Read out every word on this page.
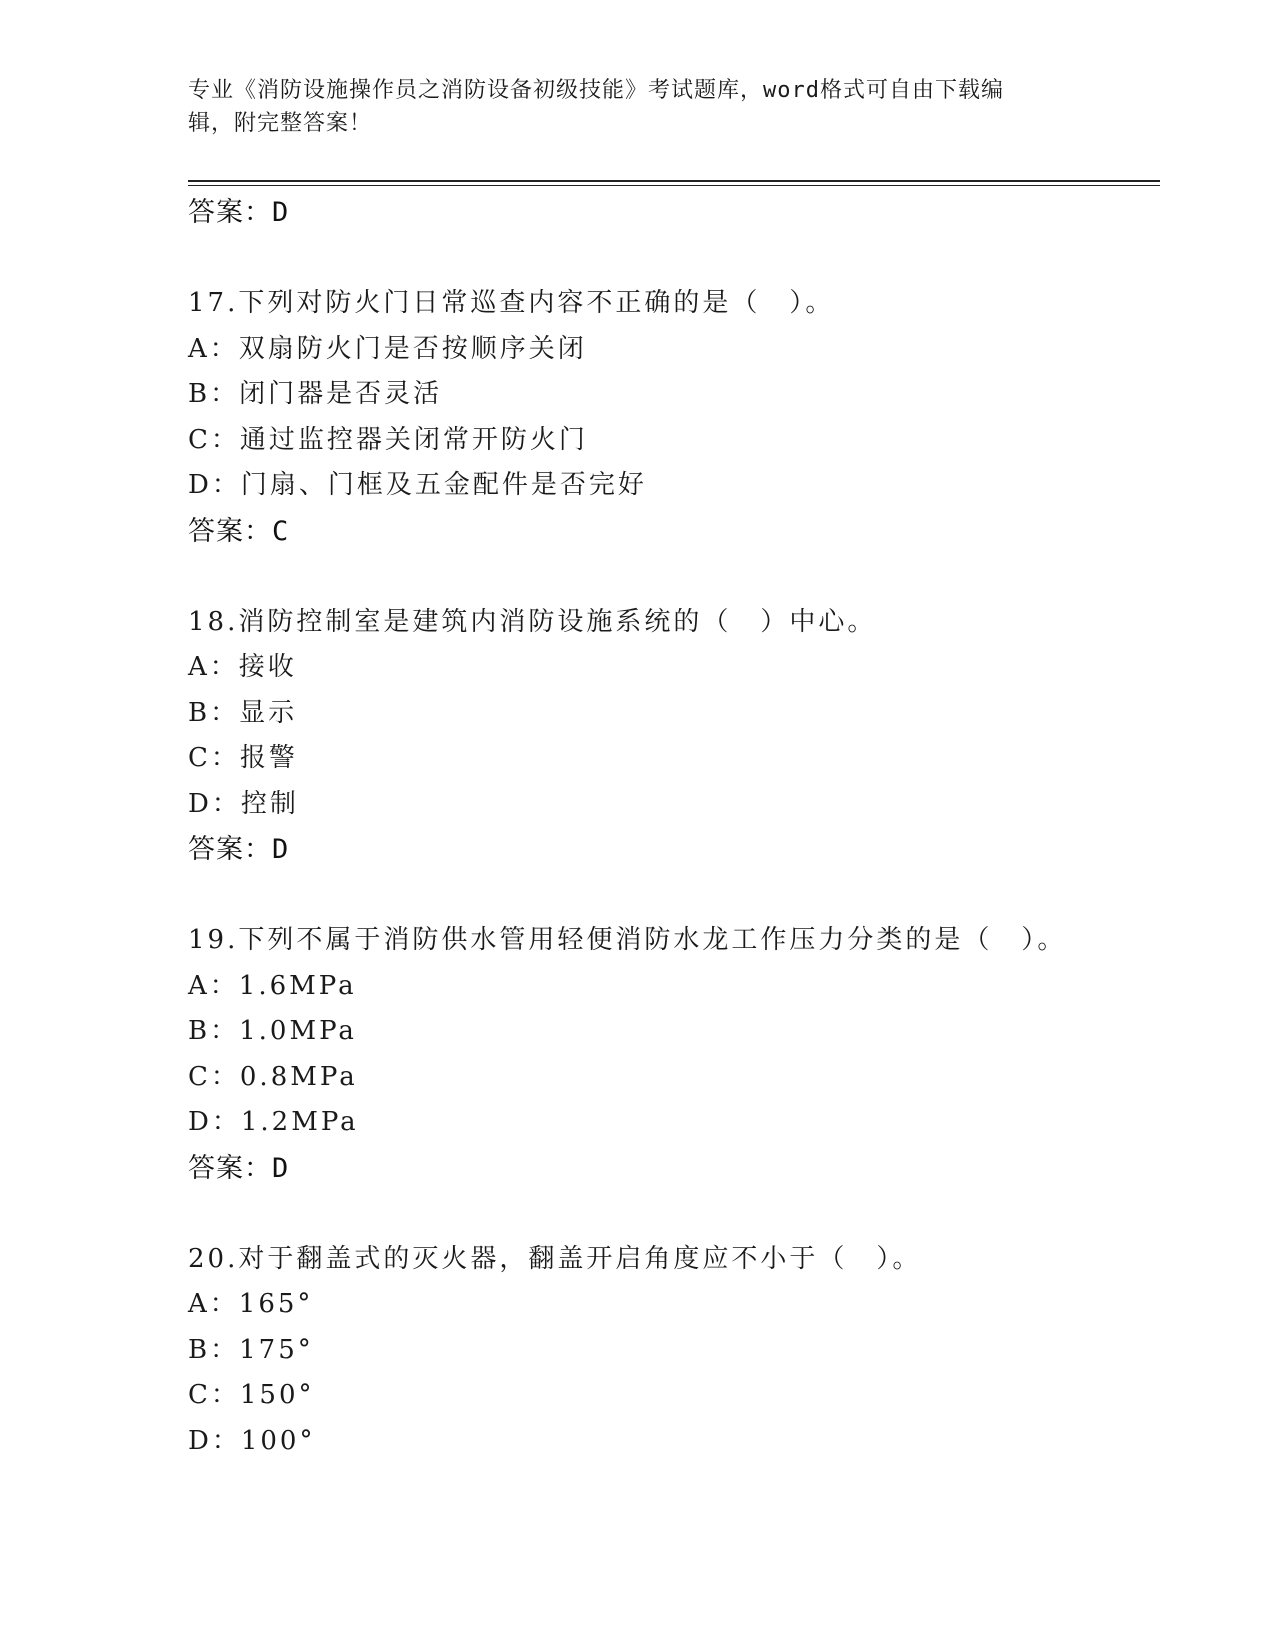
专业《消防设施操作员之消防设备初级技能》考试题库，word格式可自由下载编
辑，附完整答案！
答案：D
17.下列对防火门日常巡查内容不正确的是（　）。
A：双扇防火门是否按顺序关闭
B：闭门器是否灵活
C：通过监控器关闭常开防火门
D：门扇、门框及五金配件是否完好
答案：C
18.消防控制室是建筑内消防设施系统的（　）中心。
A：接收
B：显示
C：报警
D：控制
答案：D
19.下列不属于消防供水管用轻便消防水龙工作压力分类的是（　）。
A：1.6MPa
B：1.0MPa
C：0.8MPa
D：1.2MPa
答案：D
20.对于翻盖式的灭火器，翻盖开启角度应不小于（　）。
A：165°
B：175°
C：150°
D：100°
